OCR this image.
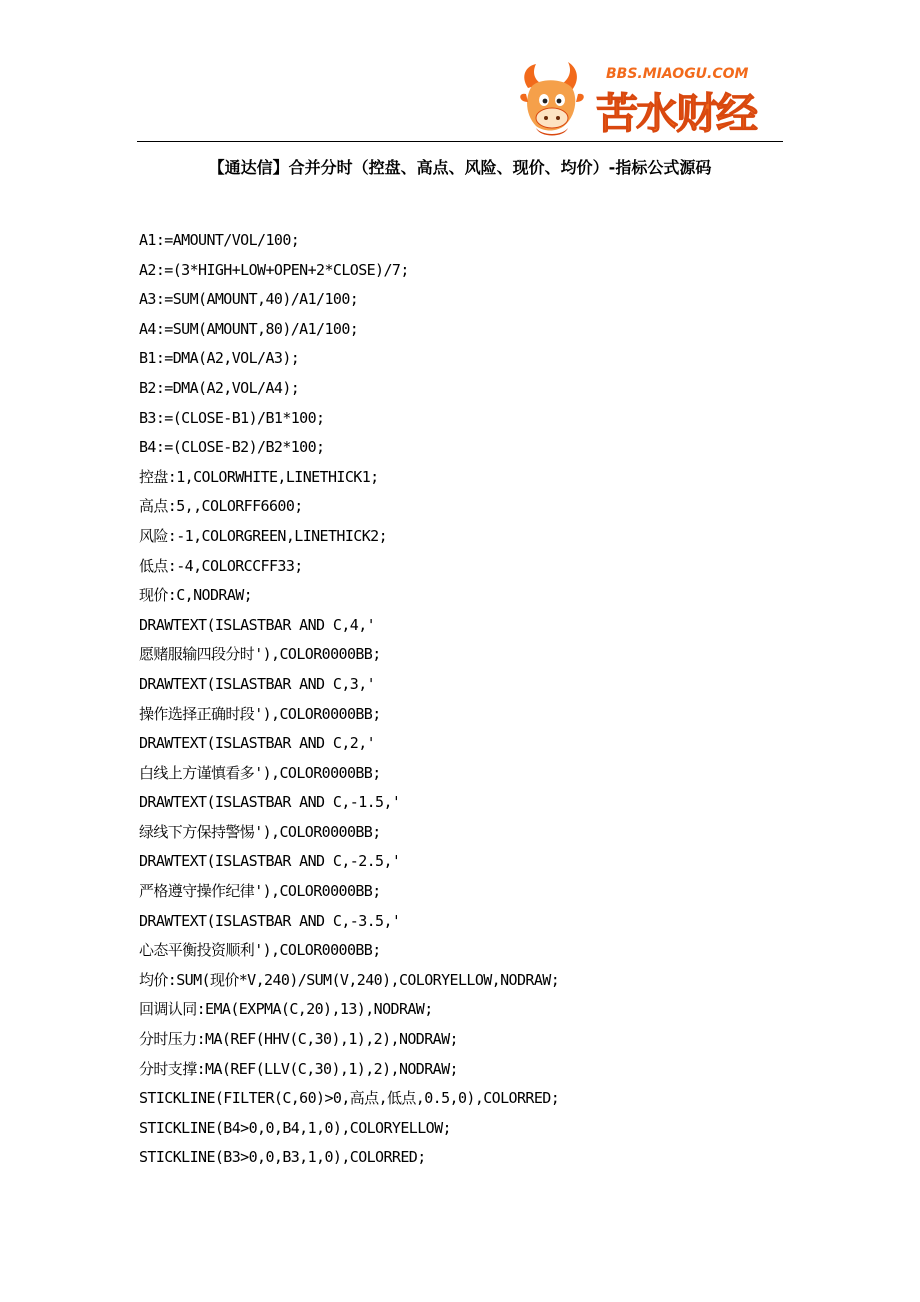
BBS.MIAOGU.COM
苦水财经
【通达信】合并分时（控盘、高点、风险、现价、均价）-指标公式源码
A1:=AMOUNT/VOL/100;
A2:=(3*HIGH+LOW+OPEN+2*CLOSE)/7;
A3:=SUM(AMOUNT,40)/A1/100;
A4:=SUM(AMOUNT,80)/A1/100;
B1:=DMA(A2,VOL/A3);
B2:=DMA(A2,VOL/A4);
B3:=(CLOSE-B1)/B1*100;
B4:=(CLOSE-B2)/B2*100;
控盘:1,COLORWHITE,LINETHICK1;
高点:5,,COLORFF6600;
风险:-1,COLORGREEN,LINETHICK2;
低点:-4,COLORCCFF33;
现价:C,NODRAW;
DRAWTEXT(ISLASTBAR AND C,4,'
愿赌服输四段分时'),COLOR0000BB;
DRAWTEXT(ISLASTBAR AND C,3,'
操作选择正确时段'),COLOR0000BB;
DRAWTEXT(ISLASTBAR AND C,2,'
白线上方谨慎看多'),COLOR0000BB;
DRAWTEXT(ISLASTBAR AND C,-1.5,'
绿线下方保持警惕'),COLOR0000BB;
DRAWTEXT(ISLASTBAR AND C,-2.5,'
严格遵守操作纪律'),COLOR0000BB;
DRAWTEXT(ISLASTBAR AND C,-3.5,'
心态平衡投资顺利'),COLOR0000BB;
均价:SUM(现价*V,240)/SUM(V,240),COLORYELLOW,NODRAW;
回调认同:EMA(EXPMA(C,20),13),NODRAW;
分时压力:MA(REF(HHV(C,30),1),2),NODRAW;
分时支撑:MA(REF(LLV(C,30),1),2),NODRAW;
STICKLINE(FILTER(C,60)>0,高点,低点,0.5,0),COLORRED;
STICKLINE(B4>0,0,B4,1,0),COLORYELLOW;
STICKLINE(B3>0,0,B3,1,0),COLORRED;
